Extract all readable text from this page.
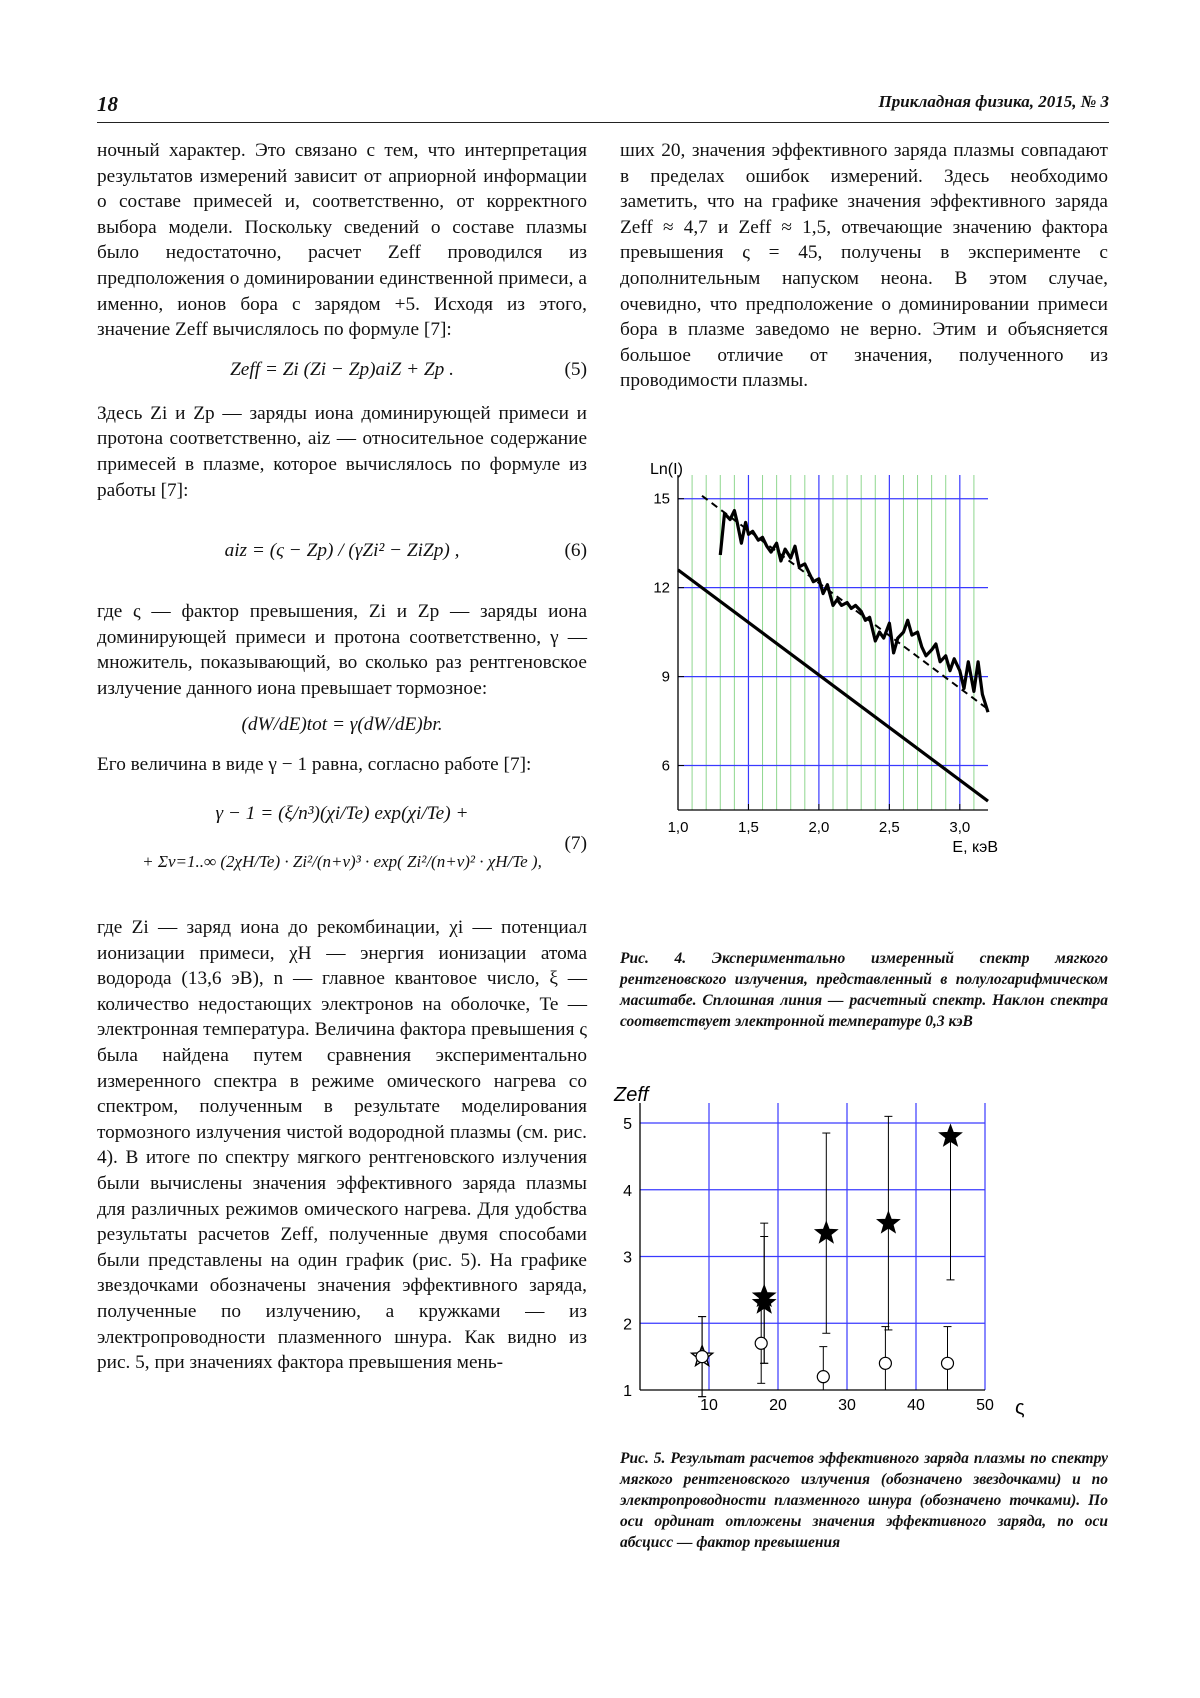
18	Прикладная физика, 2015, № 3

ночный характер. Это связано с тем, что интерпретация результатов измерений зависит от априорной информации о составе примесей и, соответственно, от корректного выбора модели. Поскольку сведений о составе плазмы было недостаточно, расчет Zeff проводился из предположения о доминировании единственной примеси, а именно, ионов бора с зарядом +5. Исходя из этого, значение Zeff вычислялось по формуле [7]:

Zeff = Zi (Zi − Zp)aiZ + Zp .	(5)

Здесь Zi и Zp — заряды иона доминирующей примеси и протона соответственно, aiz — относительное содержание примесей в плазме, которое вычислялось по формуле из работы [7]:

aiz = (ς − Zp) / (γZi² − ZiZp) ,	(6)

где ς — фактор превышения, Zi и Zp — заряды иона доминирующей примеси и протона соответственно, γ — множитель, показывающий, во сколько раз рентгеновское излучение данного иона превышает тормозное:

(dW/dE)tot = γ(dW/dE)br.

Его величина в виде γ − 1 равна, согласно работе [7]:

γ − 1 = (ξ/n³)(χi/Te) exp(χi/Te) +
+ Σν=1..∞ (2χH/Te) · Zi²/(n+ν)³ · exp( Zi²/(n+ν)² · χH/Te ),
(7)

где Zi — заряд иона до рекомбинации, χi — потенциал ионизации примеси, χH — энергия ионизации атома водорода (13,6 эВ), n — главное квантовое число, ξ — количество недостающих электронов на оболочке, Te — электронная температура. Величина фактора превышения ς была найдена путем сравнения экспериментально измеренного спектра в режиме омического нагрева со спектром, полученным в результате моделирования тормозного излучения чистой водородной плазмы (см. рис. 4). В итоге по спектру мягкого рентгеновского излучения были вычислены значения эффективного заряда плазмы для различных режимов омического нагрева. Для удобства результаты расчетов Zeff, полученные двумя способами были представлены на один график (рис. 5). На графике звездочками обозначены значения эффективного заряда, полученные по излучению, а кружками — из электропроводности плазменного шнура. Как видно из рис. 5, при значениях фактора превышения мень-

ших 20, значения эффективного заряда плазмы совпадают в пределах ошибок измерений. Здесь необходимо заметить, что на графике значения эффективного заряда Zeff ≈ 4,7 и Zeff ≈ 1,5, отвечающие значению фактора превышения ς = 45, получены в эксперименте с дополнительным напуском неона. В этом случае, очевидно, что предположение о доминировании примеси бора в плазме заведомо не верно. Этим и объясняется большое отличие от значения, полученного из проводимости плазмы.

1,0	1,5	2,0	2,5	3,0
6
9
12
15
Ln(I)
E, кэВ
Рис. 4. Экспериментально измеренный спектр мягкого рентгеновского излучения, представленный в полулогарифмическом масштабе. Сплошная линия — расчетный спектр. Наклон спектра соответствует электронной температуре 0,3 кэВ
10	20	30	40	50
1
2
3
4
5
Zeff
ς
Рис. 5. Результат расчетов эффективного заряда плазмы по спектру мягкого рентгеновского излучения (обозначено звездочками) и по электропроводности плазменного шнура (обозначено точками). По оси ординат отложены значения эффективного заряда, по оси абсцисс — фактор превышения
